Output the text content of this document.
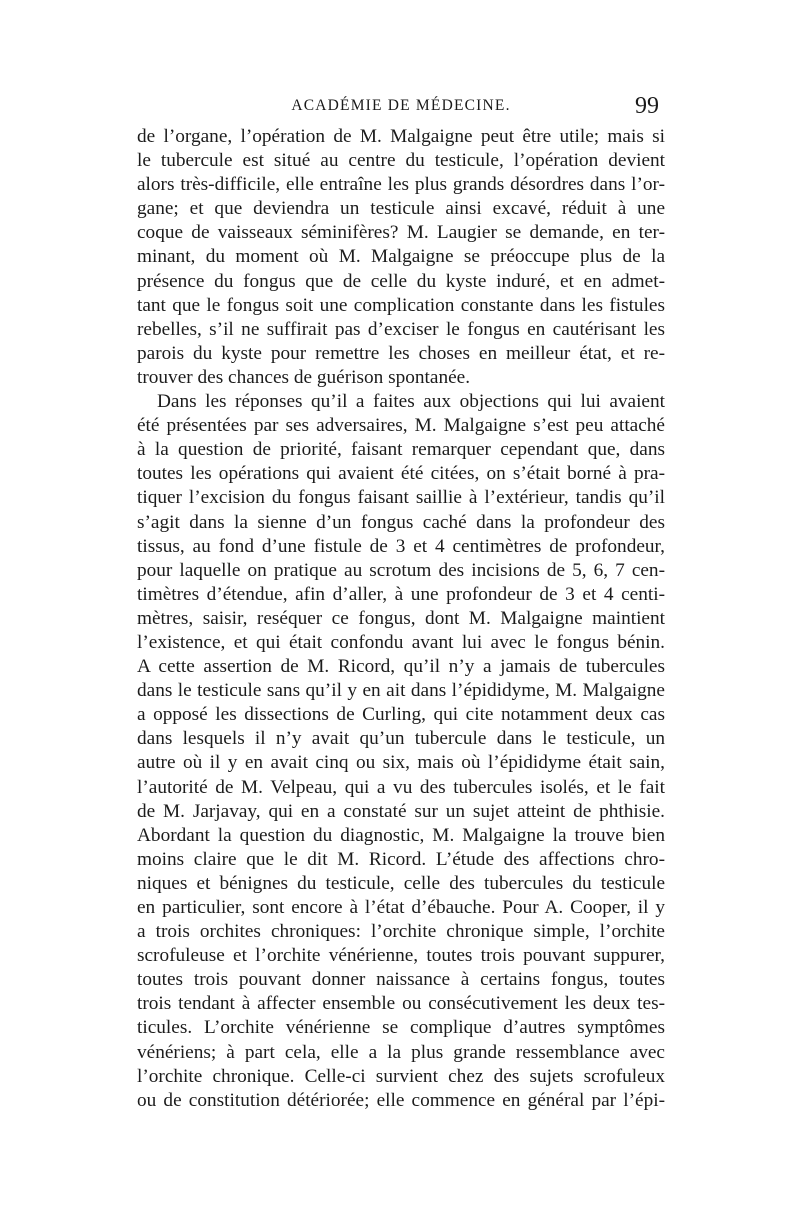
ACADÉMIE DE MÉDECINE.	99
de l’organe, l’opération de M. Malgaigne peut être utile; mais si
le tubercule est situé au centre du testicule, l’opération devient
alors très-difficile, elle entraîne les plus grands désordres dans l’or-
gane; et que deviendra un testicule ainsi excavé, réduit à une
coque de vaisseaux séminifères? M. Laugier se demande, en ter-
minant, du moment où M. Malgaigne se préoccupe plus de la
présence du fongus que de celle du kyste induré, et en admet-
tant que le fongus soit une complication constante dans les fistules
rebelles, s’il ne suffirait pas d’exciser le fongus en cautérisant les
parois du kyste pour remettre les choses en meilleur état, et re-
trouver des chances de guérison spontanée.
Dans les réponses qu’il a faites aux objections qui lui avaient
été présentées par ses adversaires, M. Malgaigne s’est peu attaché
à la question de priorité, faisant remarquer cependant que, dans
toutes les opérations qui avaient été citées, on s’était borné à pra-
tiquer l’excision du fongus faisant saillie à l’extérieur, tandis qu’il
s’agit dans la sienne d’un fongus caché dans la profondeur des
tissus, au fond d’une fistule de 3 et 4 centimètres de profondeur,
pour laquelle on pratique au scrotum des incisions de 5, 6, 7 cen-
timètres d’étendue, afin d’aller, à une profondeur de 3 et 4 centi-
mètres, saisir, reséquer ce fongus, dont M. Malgaigne maintient
l’existence, et qui était confondu avant lui avec le fongus bénin.
A cette assertion de M. Ricord, qu’il n’y a jamais de tubercules
dans le testicule sans qu’il y en ait dans l’épididyme, M. Malgaigne
a opposé les dissections de Curling, qui cite notamment deux cas
dans lesquels il n’y avait qu’un tubercule dans le testicule, un
autre où il y en avait cinq ou six, mais où l’épididyme était sain,
l’autorité de M. Velpeau, qui a vu des tubercules isolés, et le fait
de M. Jarjavay, qui en a constaté sur un sujet atteint de phthisie.
Abordant la question du diagnostic, M. Malgaigne la trouve bien
moins claire que le dit M. Ricord. L’étude des affections chro-
niques et bénignes du testicule, celle des tubercules du testicule
en particulier, sont encore à l’état d’ébauche. Pour A. Cooper, il y
a trois orchites chroniques: l’orchite chronique simple, l’orchite
scrofuleuse et l’orchite vénérienne, toutes trois pouvant suppurer,
toutes trois pouvant donner naissance à certains fongus, toutes
trois tendant à affecter ensemble ou consécutivement les deux tes-
ticules. L’orchite vénérienne se complique d’autres symptômes
vénériens; à part cela, elle a la plus grande ressemblance avec
l’orchite chronique. Celle-ci survient chez des sujets scrofuleux
ou de constitution détériorée; elle commence en général par l’épi-
